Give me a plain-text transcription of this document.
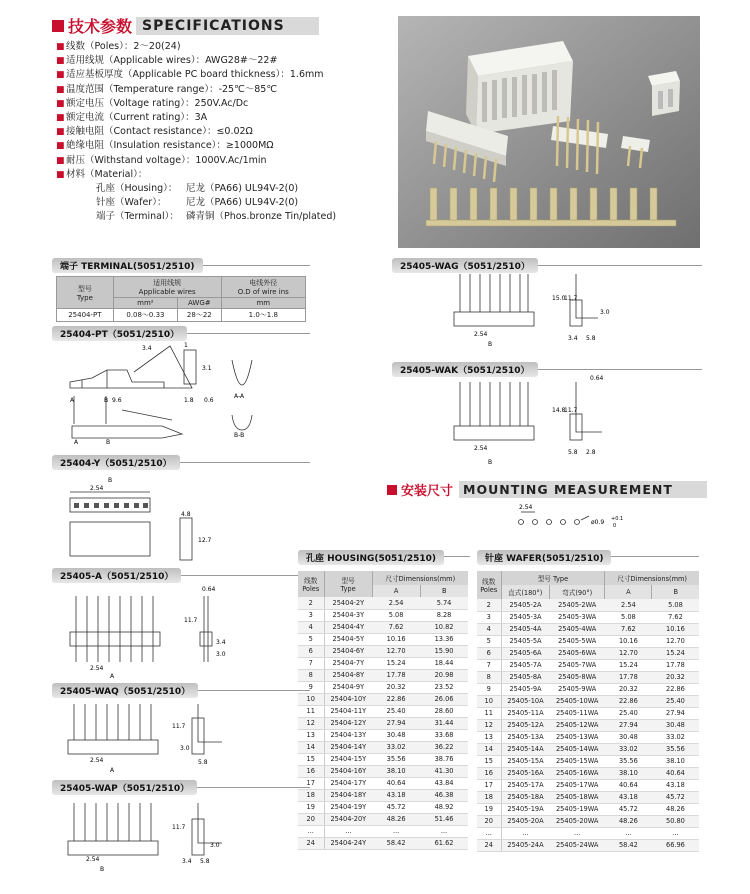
技术参数 SPECIFICATIONS
■ 线数（Poles）：2～20(24)
■ 适用线规（Applicable wires）：AWG28#～22#
■ 适应基板厚度（Applicable PC board thickness）：1.6mm
■ 温度范围（Temperature range）：-25℃～85℃
■ 额定电压（Voltage rating）：250V.Ac/Dc
■ 额定电流（Current rating）：3A
■ 接触电阻（Contact resistance）：≤0.02Ω
■ 絶缘电阻（Insulation resistance）：≥1000MΩ
■ 耐压（Withstand voltage）：1000V.Ac/1min
■ 材料（Material）：
孔座（Housing）： 尼龙（PA66) UL94V-2(0)
针座（Wafer）： 尼龙（PA66) UL94V-2(0)
端子（Terminal）： 磷青铜（Phos.bronze Tin/plated)
端子 TERMINAL(5051/2510)
型号
Type	适用线规
Applicable wires		电线外径
O.D of wire ins
	mm²	AWG#	mm
25404-PT	0.08～0.33	28～22	1.0～1.8
25404-PT（5051/2510）
3.4
9.6
1
3.1
1.8 0.6
A	B
A	B
A-A
B-B
25404-Y（5051/2510）
2.54
B
4.8
12.7
25405-A（5051/2510）
2.54
A
0.64
11.7
3.4
3.0
25405-WAQ（5051/2510）
2.54
A
11.7
3.0
5.8
25405-WAP（5051/2510）
2.54
B
11.7
3.0
3.4 5.8
25405-WAG（5051/2510）
2.54
B
15.0
11.7
3.0
3.4 5.8
25405-WAK（5051/2510）
0.64
2.54
B
14.8
11.7
5.8 2.8
安装尺寸 MOUNTING MEASUREMENT
2.54
ø0.9 +0.1
0
孔座 HOUSING(5051/2510)
线数
Poles	型号
Type	尺寸Dimensions(mm)	
		A	B
2	25404-2Y	2.54	5.74
3	25404-3Y	5.08	8.28
4	25404-4Y	7.62	10.82
5	25404-5Y	10.16	13.36
6	25404-6Y	12.70	15.90
7	25404-7Y	15.24	18.44
8	25404-8Y	17.78	20.98
9	25404-9Y	20.32	23.52
10	25404-10Y	22.86	26.06
11	25404-11Y	25.40	28.60
12	25404-12Y	27.94	31.44
13	25404-13Y	30.48	33.68
14	25404-14Y	33.02	36.22
15	25404-15Y	35.56	38.76
16	25404-16Y	38.10	41.30
17	25404-17Y	40.64	43.84
18	25404-18Y	43.18	46.38
19	25404-19Y	45.72	48.92
20	25404-20Y	48.26	51.46
...	...	...	...
24	25404-24Y	58.42	61.62
针座 WAFER(5051/2510)
线数
Poles	型号 Type		尺寸Dimensions(mm)	
	直式(180°)	弯式(90°)	A	B
2	25405-2A	25405-2WA	2.54	5.08
3	25405-3A	25405-3WA	5.08	7.62
4	25405-4A	25405-4WA	7.62	10.16
5	25405-5A	25405-5WA	10.16	12.70
6	25405-6A	25405-6WA	12.70	15.24
7	25405-7A	25405-7WA	15.24	17.78
8	25405-8A	25405-8WA	17.78	20.32
9	25405-9A	25405-9WA	20.32	22.86
10	25405-10A	25405-10WA	22.86	25.40
11	25405-11A	25405-11WA	25.40	27.94
12	25405-12A	25405-12WA	27.94	30.48
13	25405-13A	25405-13WA	30.48	33.02
14	25405-14A	25405-14WA	33.02	35.56
15	25405-15A	25405-15WA	35.56	38.10
16	25405-16A	25405-16WA	38.10	40.64
17	25405-17A	25405-17WA	40.64	43.18
18	25405-18A	25405-18WA	43.18	45.72
19	25405-19A	25405-19WA	45.72	48.26
20	25405-20A	25405-20WA	48.26	50.80
...	...	...	...	...
24	25405-24A	25405-24WA	58.42	66.96
